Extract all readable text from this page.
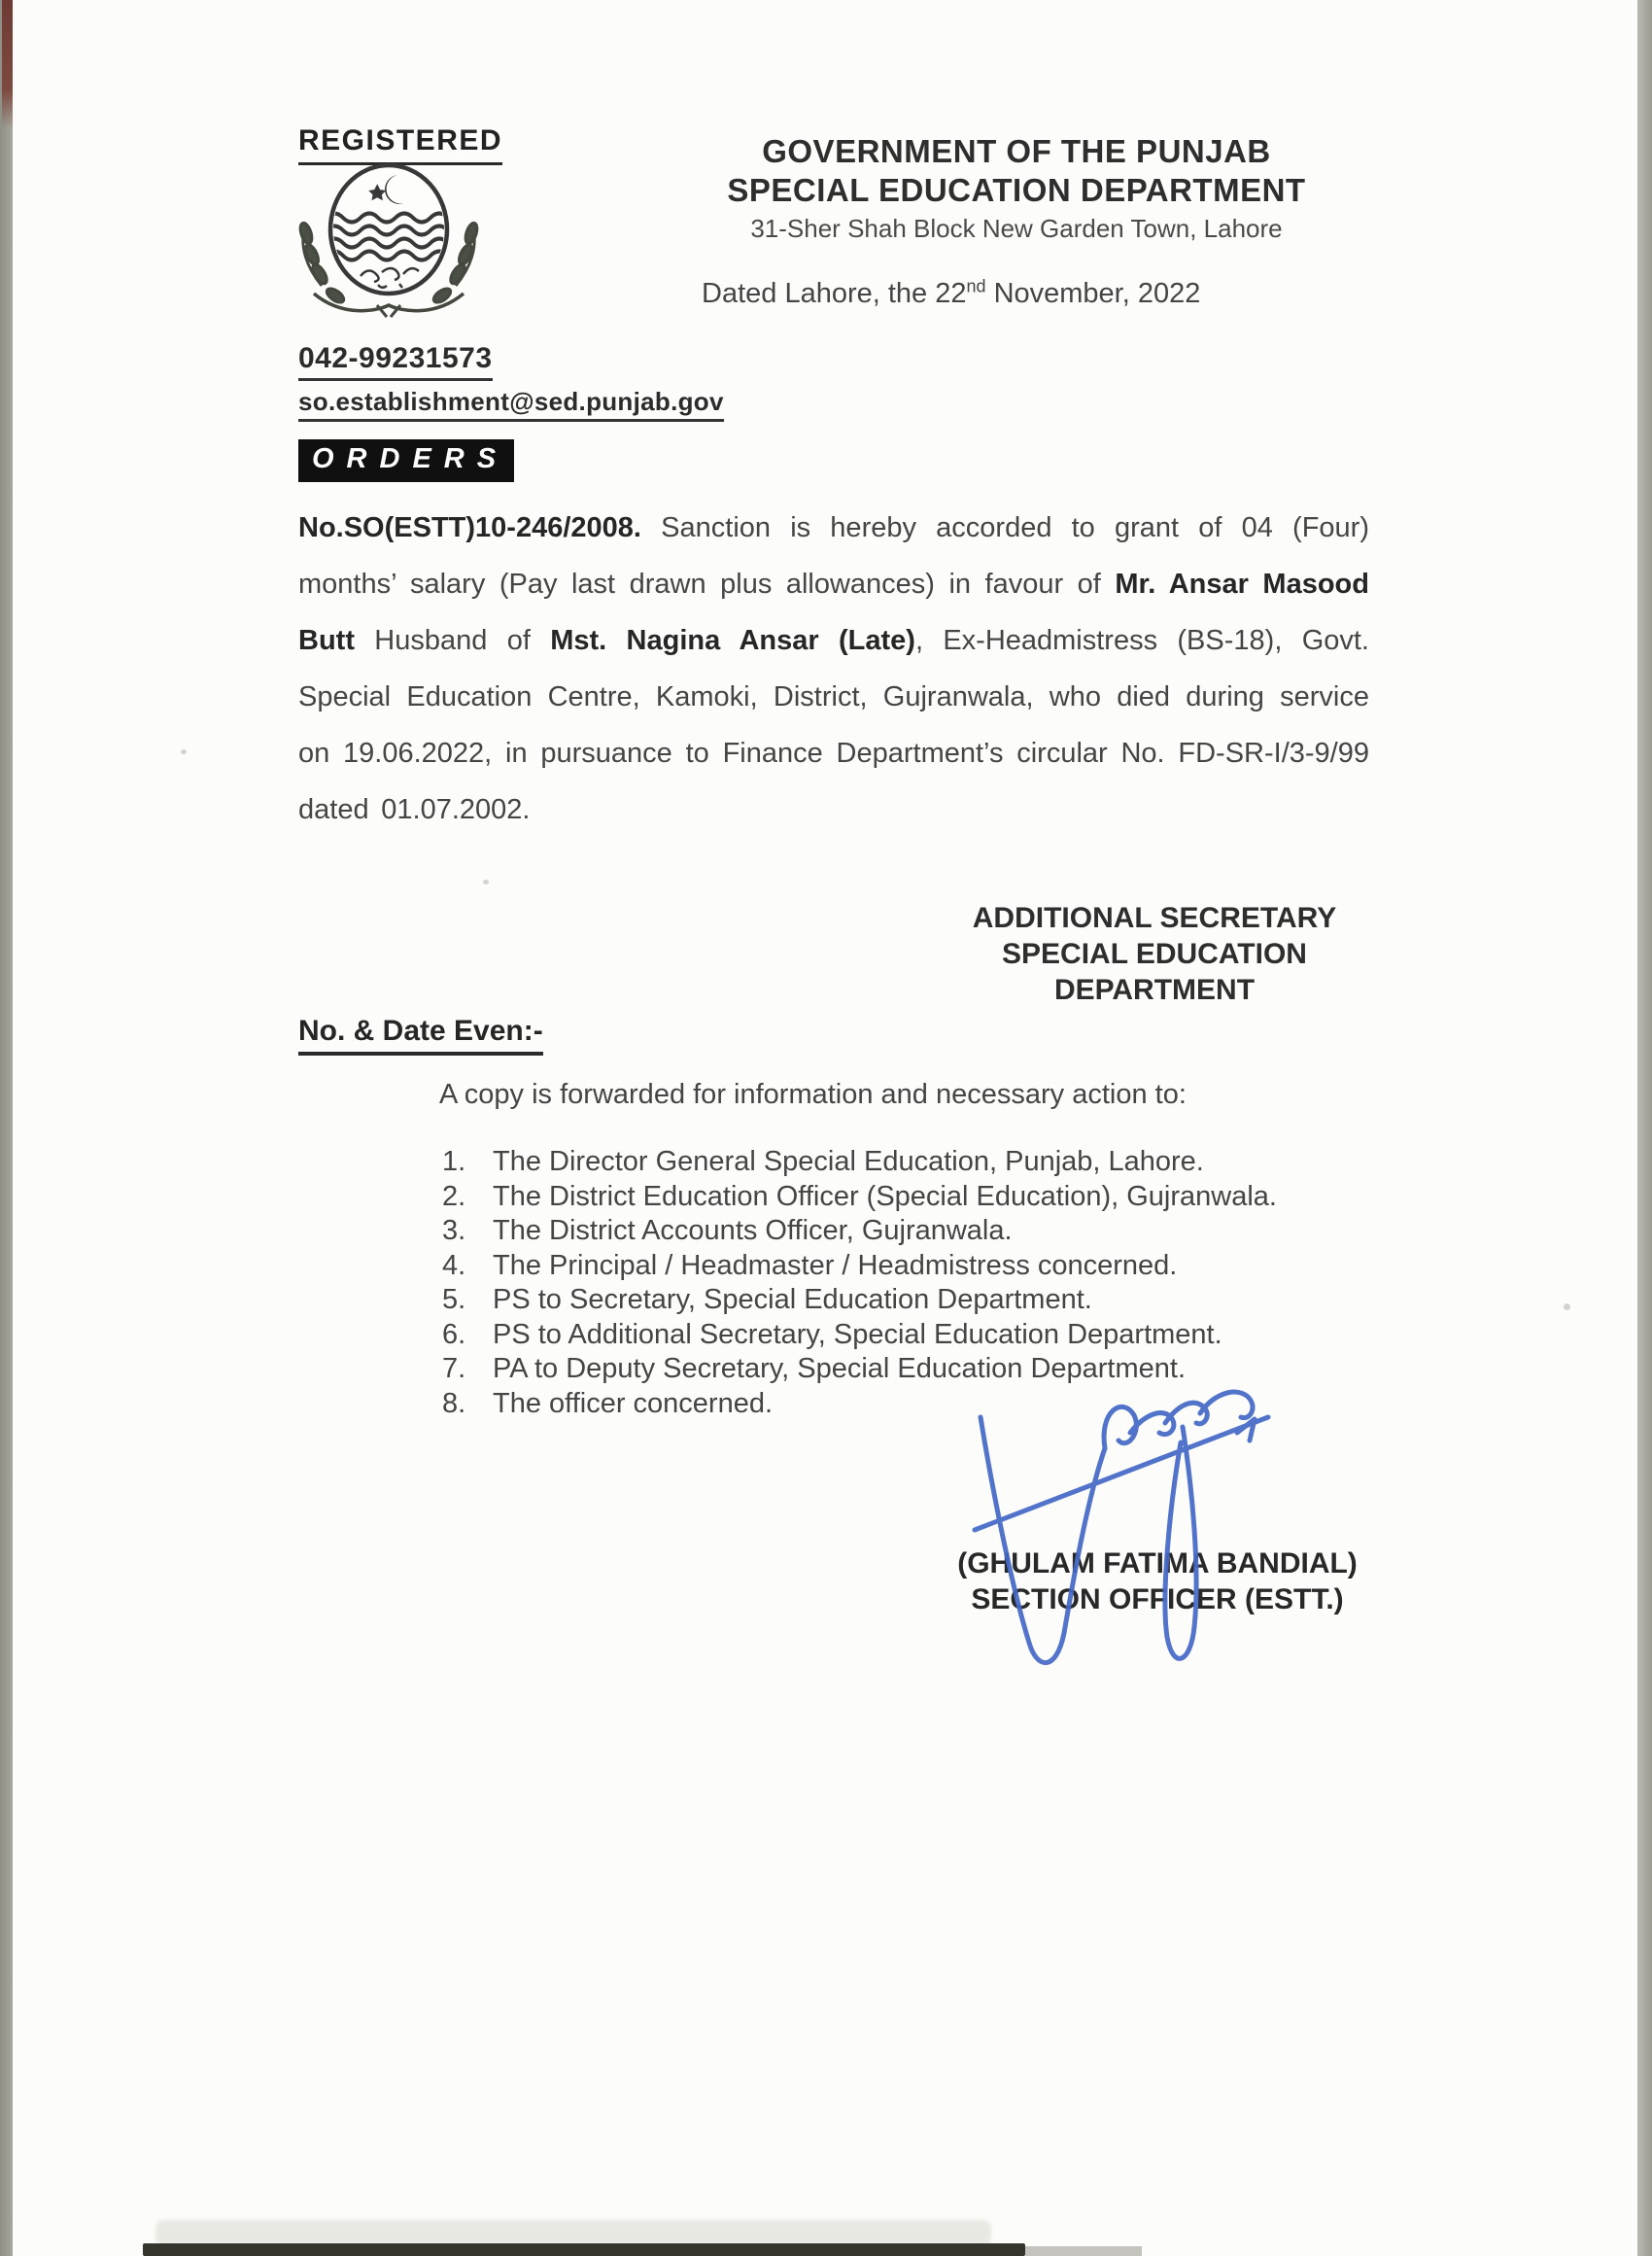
REGISTERED	GOVERNMENT OF THE PUNJAB
SPECIAL EDUCATION DEPARTMENT
31-Sher Shah Block New Garden Town, Lahore
Dated Lahore, the 22nd November, 2022
042-99231573
so.establishment@sed.punjab.gov
ORDERS

No.SO(ESTT)10-246/2008. Sanction is hereby accorded to grant of 04 (Four) months’ salary (Pay last drawn plus allowances) in favour of Mr. Ansar Masood Butt Husband of Mst. Nagina Ansar (Late), Ex-Headmistress (BS-18), Govt. Special Education Centre, Kamoki, District, Gujranwala, who died during service on 19.06.2022, in pursuance to Finance Department’s circular No. FD-SR-I/3-9/99 dated 01.07.2002.

ADDITIONAL SECRETARY
SPECIAL EDUCATION
DEPARTMENT
No. & Date Even:-
A copy is forwarded for information and necessary action to:
The Director General Special Education, Punjab, Lahore.
The District Education Officer (Special Education), Gujranwala.
The District Accounts Officer, Gujranwala.
The Principal / Headmaster / Headmistress concerned.
PS to Secretary, Special Education Department.
PS to Additional Secretary, Special Education Department.
PA to Deputy Secretary, Special Education Department.
The officer concerned.
(GHULAM FATIMA BANDIAL)
SECTION OFFICER (ESTT.)
